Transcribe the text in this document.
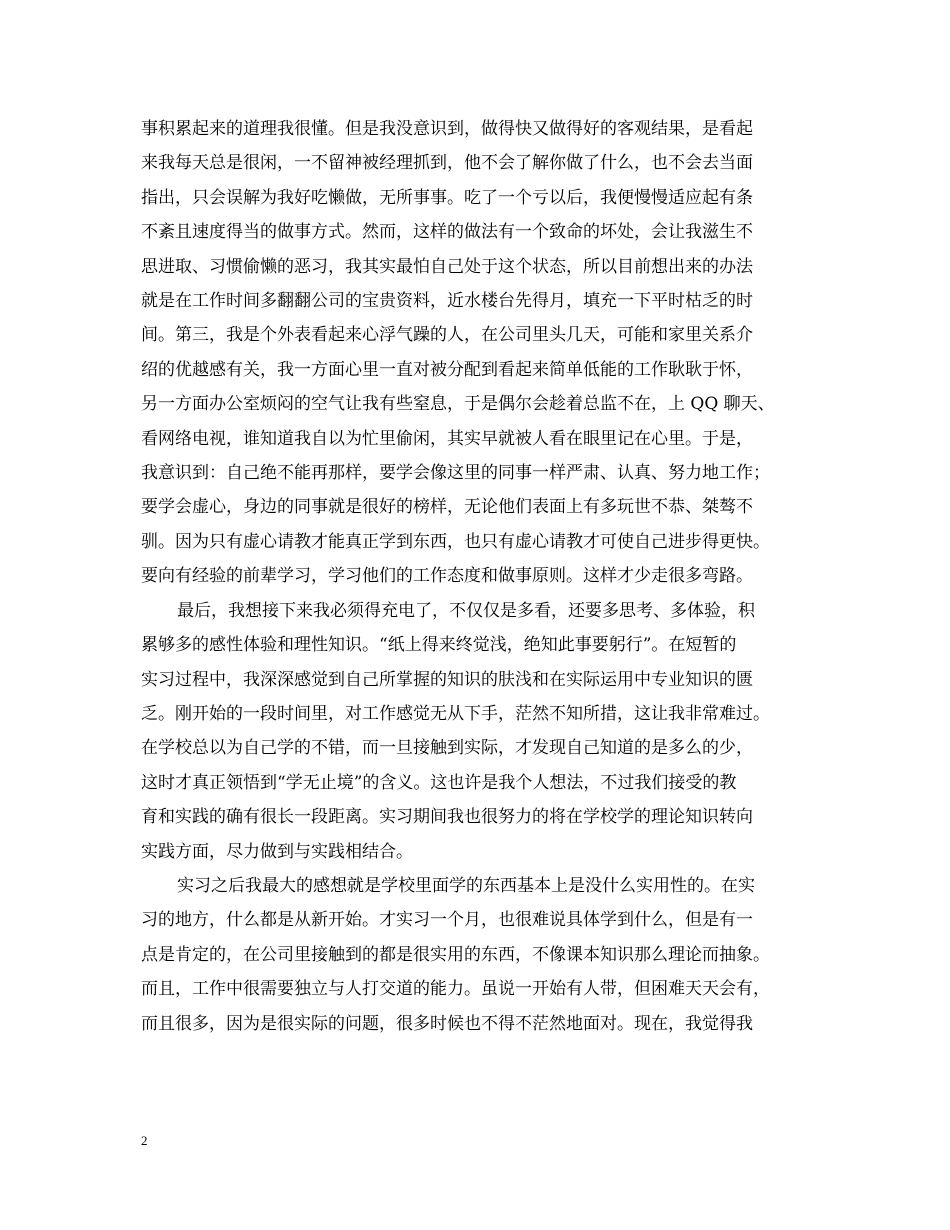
事积累起来的道理我很懂。但是我没意识到，做得快又做得好的客观结果，是看起
来我每天总是很闲，一不留神被经理抓到，他不会了解你做了什么，也不会去当面
指出，只会误解为我好吃懒做，无所事事。吃了一个亏以后，我便慢慢适应起有条
不紊且速度得当的做事方式。然而，这样的做法有一个致命的坏处，会让我滋生不
思进取、习惯偷懒的恶习，我其实最怕自己处于这个状态，所以目前想出来的办法
就是在工作时间多翻翻公司的宝贵资料，近水楼台先得月，填充一下平时枯乏的时
间。第三，我是个外表看起来心浮气躁的人，在公司里头几天，可能和家里关系介
绍的优越感有关，我一方面心里一直对被分配到看起来简单低能的工作耿耿于怀，
另一方面办公室烦闷的空气让我有些窒息，于是偶尔会趁着总监不在，上 QQ 聊天、
看网络电视，谁知道我自以为忙里偷闲，其实早就被人看在眼里记在心里。于是，
我意识到：自己绝不能再那样，要学会像这里的同事一样严肃、认真、努力地工作；
要学会虚心，身边的同事就是很好的榜样，无论他们表面上有多玩世不恭、桀骜不
驯。因为只有虚心请教才能真正学到东西，也只有虚心请教才可使自己进步得更快。
要向有经验的前辈学习，学习他们的工作态度和做事原则。这样才少走很多弯路。
最后，我想接下来我必须得充电了，不仅仅是多看，还要多思考、多体验，积
累够多的感性体验和理性知识。“纸上得来终觉浅，绝知此事要躬行”。在短暂的
实习过程中，我深深感觉到自己所掌握的知识的肤浅和在实际运用中专业知识的匮
乏。刚开始的一段时间里，对工作感觉无从下手，茫然不知所措，这让我非常难过。
在学校总以为自己学的不错，而一旦接触到实际，才发现自己知道的是多么的少，
这时才真正领悟到“学无止境”的含义。这也许是我个人想法，不过我们接受的教
育和实践的确有很长一段距离。实习期间我也很努力的将在学校学的理论知识转向
实践方面，尽力做到与实践相结合。
实习之后我最大的感想就是学校里面学的东西基本上是没什么实用性的。在实
习的地方，什么都是从新开始。才实习一个月，也很难说具体学到什么，但是有一
点是肯定的，在公司里接触到的都是很实用的东西，不像课本知识那么理论而抽象。
而且，工作中很需要独立与人打交道的能力。虽说一开始有人带，但困难天天会有，
而且很多，因为是很实际的问题，很多时候也不得不茫然地面对。现在，我觉得我
2
